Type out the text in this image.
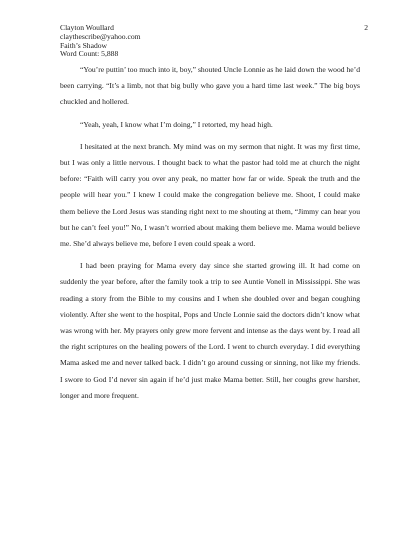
Clayton Woullard
claythescribe@yahoo.com
Faith’s Shadow
Word Count: 5,888
2

“You’re puttin’ too much into it, boy,” shouted Uncle Lonnie as he laid down the wood he’d been carrying. “It’s a limb, not that big bully who gave you a hard time last week.” The big boys chuckled and hollered.

“Yeah, yeah, I know what I’m doing,” I retorted, my head high.

I hesitated at the next branch. My mind was on my sermon that night. It was my first time, but I was only a little nervous. I thought back to what the pastor had told me at church the night before: “Faith will carry you over any peak, no matter how far or wide. Speak the truth and the people will hear you.” I knew I could make the congregation believe me. Shoot, I could make them believe the Lord Jesus was standing right next to me shouting at them, “Jimmy can hear you but he can’t feel you!” No, I wasn’t worried about making them believe me. Mama would believe me. She’d always believe me, before I even could speak a word.

I had been praying for Mama every day since she started growing ill. It had come on suddenly the year before, after the family took a trip to see Auntie Vonell in Mississippi. She was reading a story from the Bible to my cousins and I when she doubled over and began coughing violently. After she went to the hospital, Pops and Uncle Lonnie said the doctors didn’t know what was wrong with her. My prayers only grew more fervent and intense as the days went by. I read all the right scriptures on the healing powers of the Lord. I went to church everyday. I did everything Mama asked me and never talked back. I didn’t go around cussing or sinning, not like my friends. I swore to God I’d never sin again if he’d just make Mama better. Still, her coughs grew harsher, longer and more frequent.
